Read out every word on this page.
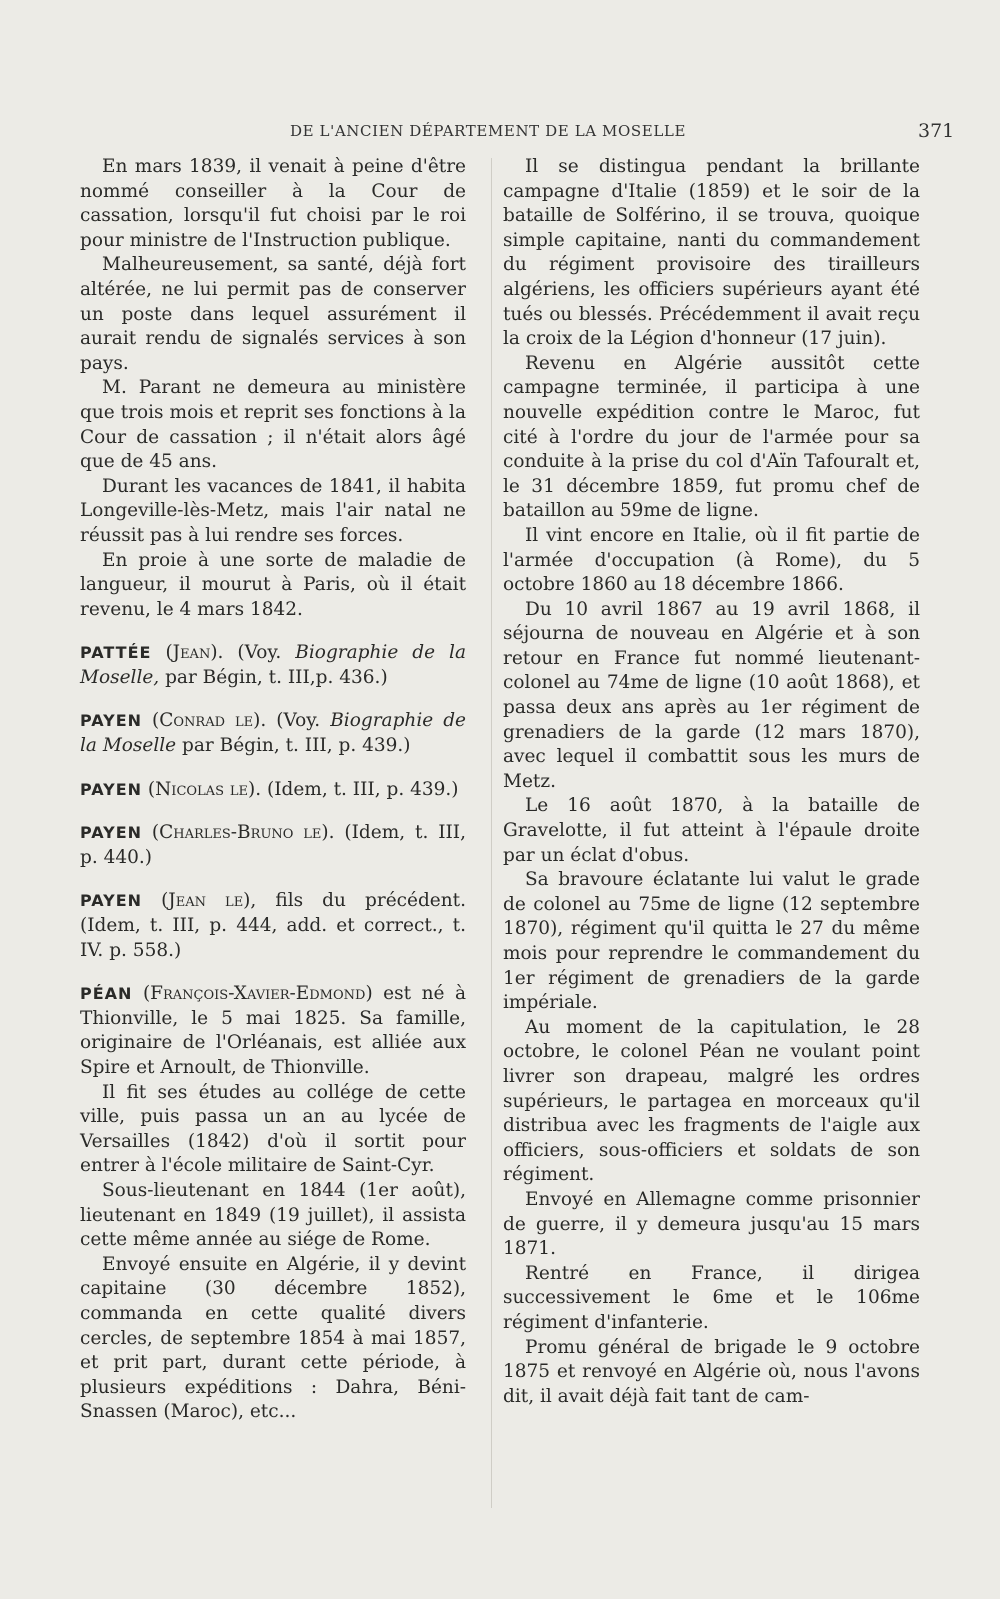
DE L'ANCIEN DÉPARTEMENT DE LA MOSELLE	371

En mars 1839, il venait à peine d'être nommé conseiller à la Cour de cassation, lorsqu'il fut choisi par le roi pour ministre de l'Instruction publique.

Malheureusement, sa santé, déjà fort altérée, ne lui permit pas de conserver un poste dans lequel assurément il aurait rendu de signalés services à son pays.

M. Parant ne demeura au ministère que trois mois et reprit ses fonctions à la Cour de cassation ; il n'était alors âgé que de 45 ans.

Durant les vacances de 1841, il habita Longeville-lès-Metz, mais l'air natal ne réussit pas à lui rendre ses forces.

En proie à une sorte de maladie de langueur, il mourut à Paris, où il était revenu, le 4 mars 1842.

PATTÉE (Jean). (Voy. Biographie de la Moselle, par Bégin, t. III,p. 436.)

PAYEN (Conrad le). (Voy. Biographie de la Moselle par Bégin, t. III, p. 439.)

PAYEN (Nicolas le). (Idem, t. III, p. 439.)

PAYEN (Charles-Bruno le). (Idem, t. III, p. 440.)

PAYEN (Jean le), fils du précédent. (Idem, t. III, p. 444, add. et correct., t. IV. p. 558.)

PÉAN (François-Xavier-Edmond) est né à Thionville, le 5 mai 1825. Sa famille, originaire de l'Orléanais, est alliée aux Spire et Arnoult, de Thionville.

Il fit ses études au collége de cette ville, puis passa un an au lycée de Versailles (1842) d'où il sortit pour entrer à l'école militaire de Saint-Cyr.

Sous-lieutenant en 1844 (1er août), lieutenant en 1849 (19 juillet), il assista cette même année au siége de Rome.

Envoyé ensuite en Algérie, il y devint capitaine (30 décembre 1852), commanda en cette qualité divers cercles, de septembre 1854 à mai 1857, et prit part, durant cette période, à plusieurs expéditions : Dahra, Béni-Snassen (Maroc), etc...

Il se distingua pendant la brillante campagne d'Italie (1859) et le soir de la bataille de Solférino, il se trouva, quoique simple capitaine, nanti du commandement du régiment provisoire des tirailleurs algériens, les officiers supérieurs ayant été tués ou blessés. Précédemment il avait reçu la croix de la Légion d'honneur (17 juin).

Revenu en Algérie aussitôt cette campagne terminée, il participa à une nouvelle expédition contre le Maroc, fut cité à l'ordre du jour de l'armée pour sa conduite à la prise du col d'Aïn Tafouralt et, le 31 décembre 1859, fut promu chef de bataillon au 59me de ligne.

Il vint encore en Italie, où il fit partie de l'armée d'occupation (à Rome), du 5 octobre 1860 au 18 décembre 1866.

Du 10 avril 1867 au 19 avril 1868, il séjourna de nouveau en Algérie et à son retour en France fut nommé lieutenant-colonel au 74me de ligne (10 août 1868), et passa deux ans après au 1er régiment de grenadiers de la garde (12 mars 1870), avec lequel il combattit sous les murs de Metz.

Le 16 août 1870, à la bataille de Gravelotte, il fut atteint à l'épaule droite par un éclat d'obus.

Sa bravoure éclatante lui valut le grade de colonel au 75me de ligne (12 septembre 1870), régiment qu'il quitta le 27 du même mois pour reprendre le commandement du 1er régiment de grenadiers de la garde impériale.

Au moment de la capitulation, le 28 octobre, le colonel Péan ne voulant point livrer son drapeau, malgré les ordres supérieurs, le partagea en morceaux qu'il distribua avec les fragments de l'aigle aux officiers, sous-officiers et soldats de son régiment.

Envoyé en Allemagne comme prisonnier de guerre, il y demeura jusqu'au 15 mars 1871.

Rentré en France, il dirigea successivement le 6me et le 106me régiment d'infanterie.

Promu général de brigade le 9 octobre 1875 et renvoyé en Algérie où, nous l'avons dit, il avait déjà fait tant de cam-
